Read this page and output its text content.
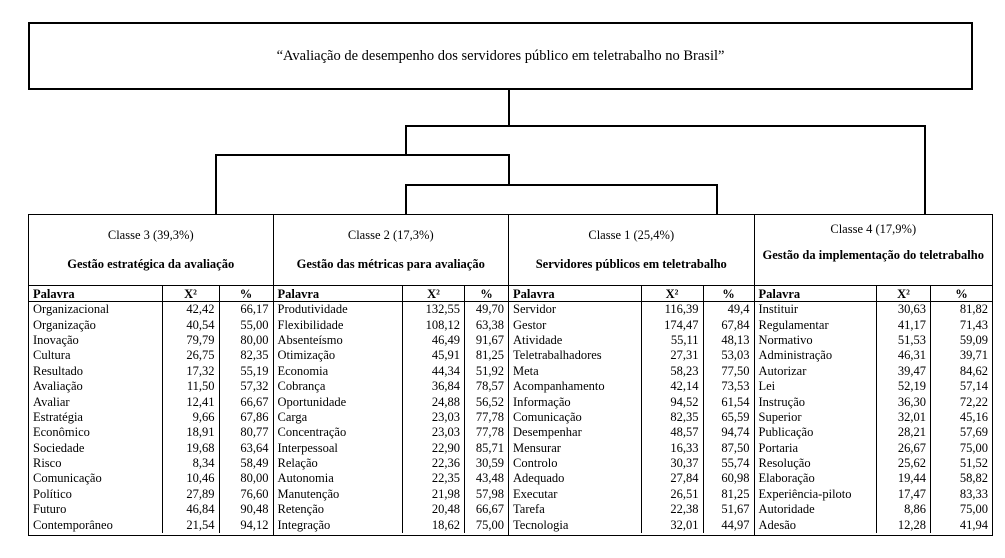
“Avaliação de desempenho dos servidores público em teletrabalho no Brasil”
Classe 3 (39,3%)
Gestão estratégica da avaliação
Palavra	X²	%
Organizacional	42,42	66,17
Organização	40,54	55,00
Inovação	79,79	80,00
Cultura	26,75	82,35
Resultado	17,32	55,19
Avaliação	11,50	57,32
Avaliar	12,41	66,67
Estratégia	9,66	67,86
Econômico	18,91	80,77
Sociedade	19,68	63,64
Risco	8,34	58,49
Comunicação	10,46	80,00
Político	27,89	76,60
Futuro	46,84	90,48
Contemporâneo	21,54	94,12
Classe 2 (17,3%)
Gestão das métricas para avaliação
Palavra	X²	%
Produtividade	132,55	49,70
Flexibilidade	108,12	63,38
Absenteísmo	46,49	91,67
Otimização	45,91	81,25
Economia	44,34	51,92
Cobrança	36,84	78,57
Oportunidade	24,88	56,52
Carga	23,03	77,78
Concentração	23,03	77,78
Interpessoal	22,90	85,71
Relação	22,36	30,59
Autonomia	22,35	43,48
Manutenção	21,98	57,98
Retenção	20,48	66,67
Integração	18,62	75,00
Classe 1 (25,4%)
Servidores públicos em teletrabalho
Palavra	X²	%
Servidor	116,39	49,4
Gestor	174,47	67,84
Atividade	55,11	48,13
Teletrabalhadores	27,31	53,03
Meta	58,23	77,50
Acompanhamento	42,14	73,53
Informação	94,52	61,54
Comunicação	82,35	65,59
Desempenhar	48,57	94,74
Mensurar	16,33	87,50
Controlo	30,37	55,74
Adequado	27,84	60,98
Executar	26,51	81,25
Tarefa	22,38	51,67
Tecnologia	32,01	44,97
Classe 4 (17,9%)
Gestão da implementação do teletrabalho
Palavra	X²	%
Instituir	30,63	81,82
Regulamentar	41,17	71,43
Normativo	51,53	59,09
Administração	46,31	39,71
Autorizar	39,47	84,62
Lei	52,19	57,14
Instrução	36,30	72,22
Superior	32,01	45,16
Publicação	28,21	57,69
Portaria	26,67	75,00
Resolução	25,62	51,52
Elaboração	19,44	58,82
Experiência-piloto	17,47	83,33
Autoridade	8,86	75,00
Adesão	12,28	41,94
